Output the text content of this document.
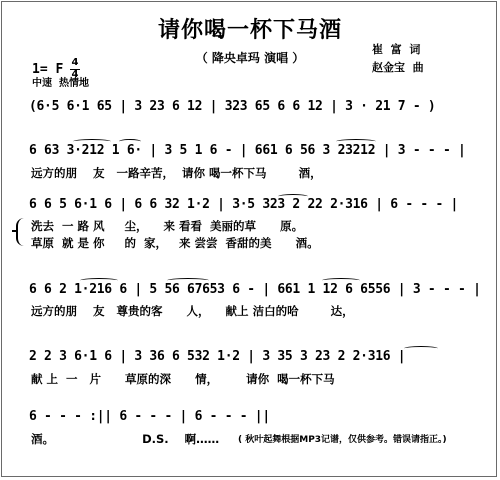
请你喝一杯下马酒
（ 降央卓玛 演唱 ）
崔  富  词
赵金宝  曲
1= F 4
4
中速  热情地
(6·5 6·1 65 | 3 23 6 12 | 323 65 6 6 12 | 3 · 21 7 - )
6 63 3·212 1 6· | 3 5 1 6 - | 661 6 56 3 23212 | 3 - - - |
远方的朋    友   一路辛苦，  请你 喝一杯下马        酒，
6 6 5 6·1 6 | 6 6 32 1·2 | 3·5 323 2 22 2·316 | 6 - - - |
洗去  一 路 风     尘，    来 看看  美丽的草      原。
草原  就 是 你     的  家，   来 尝尝  香甜的美      酒。
6 6 2 1·216 6 | 5 56 67653 6 - | 661 1 12 6 6556 | 3 - - - |
远方的朋    友   尊贵的客      人，    献上 洁白的哈        达，
2 2 3 6·1 6 | 3 36 6 532 1·2 | 3 35 3 23 2 2·316 |
献 上  一   片      草原的深      情，       请你  喝一杯下马
6 - - - :|| 6 - - - | 6 - - - ||
酒。                      D.S.    啊…… ( 秋叶起舞根据MP3记谱，仅供参考。错误请指正。)
